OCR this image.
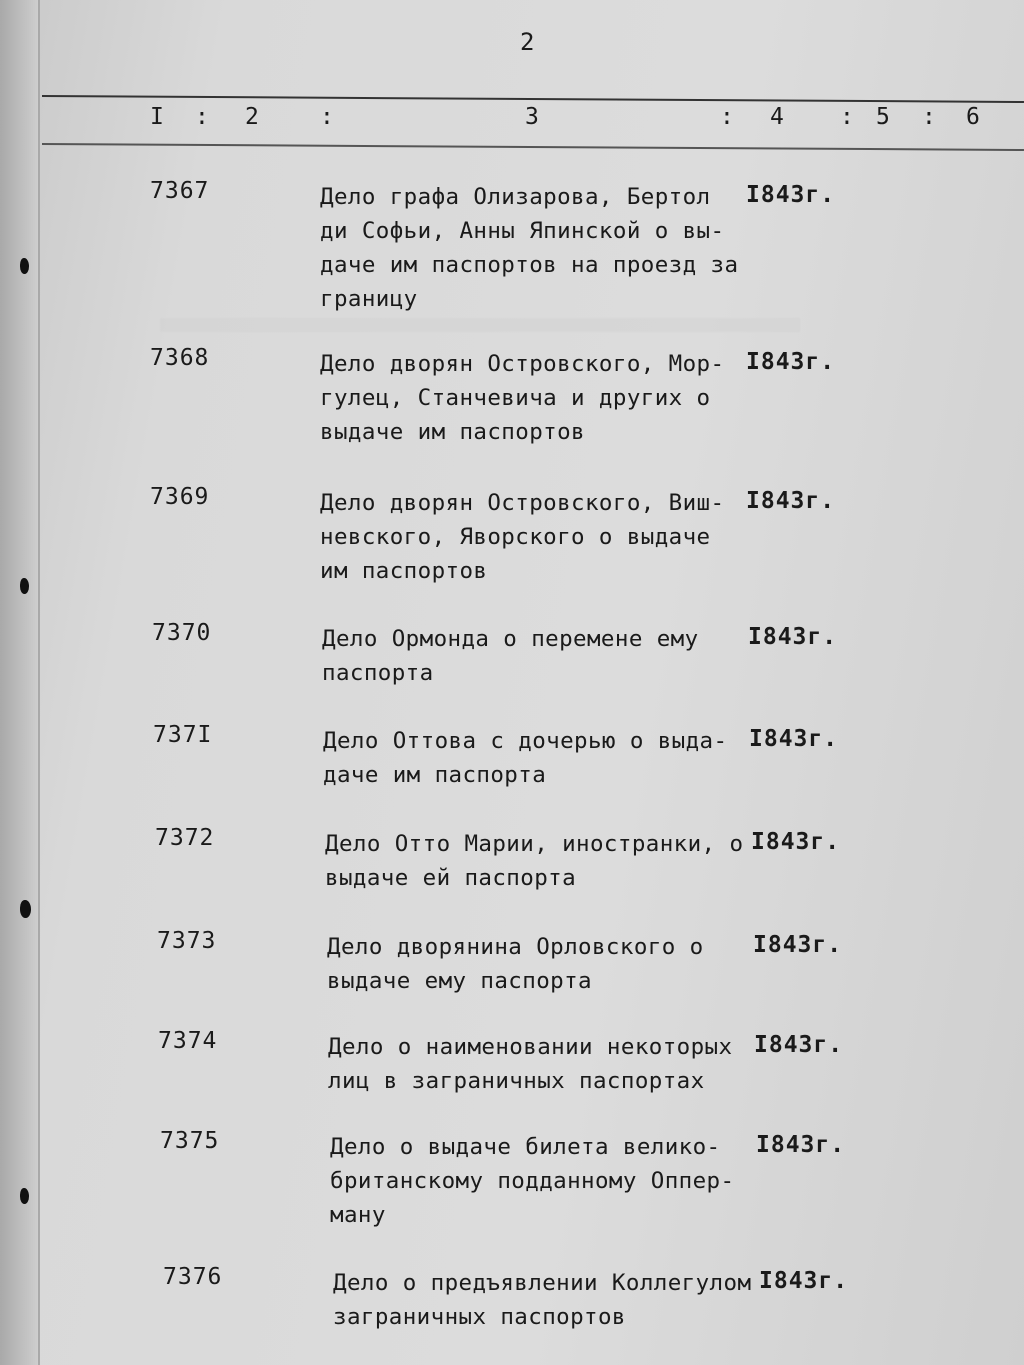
2
I : 2	:	3	: 4 : 5 : 6
7367	Дело графа Олизарова, Бертол
ди Софьи, Анны Япинской о вы-
даче им паспортов на проезд за
границу
I843г.
7368	Дело дворян Островского, Мор-
гулец, Станчевича и других о
выдаче им паспортов
I843г.
7369	Дело дворян Островского, Виш-
невского, Яворского о выдаче
им паспортов
I843г.
7370	Дело Ормонда о перемене ему
паспорта
I843г.
737I	Дело Оттова с дочерью о выда-
даче им паспорта
I843г.
7372	Дело Отто Марии, иностранки, о
выдаче ей паспорта
I843г.
7373	Дело дворянина Орловского о
выдаче ему паспорта
I843г.
7374	Дело о наименовании некоторых
лиц в заграничных паспортах
I843г.
7375	Дело о выдаче билета велико-
британскому подданному Оппер-
ману
I843г.
7376	Дело о предъявлении Коллегулом
заграничных паспортов
I843г.
